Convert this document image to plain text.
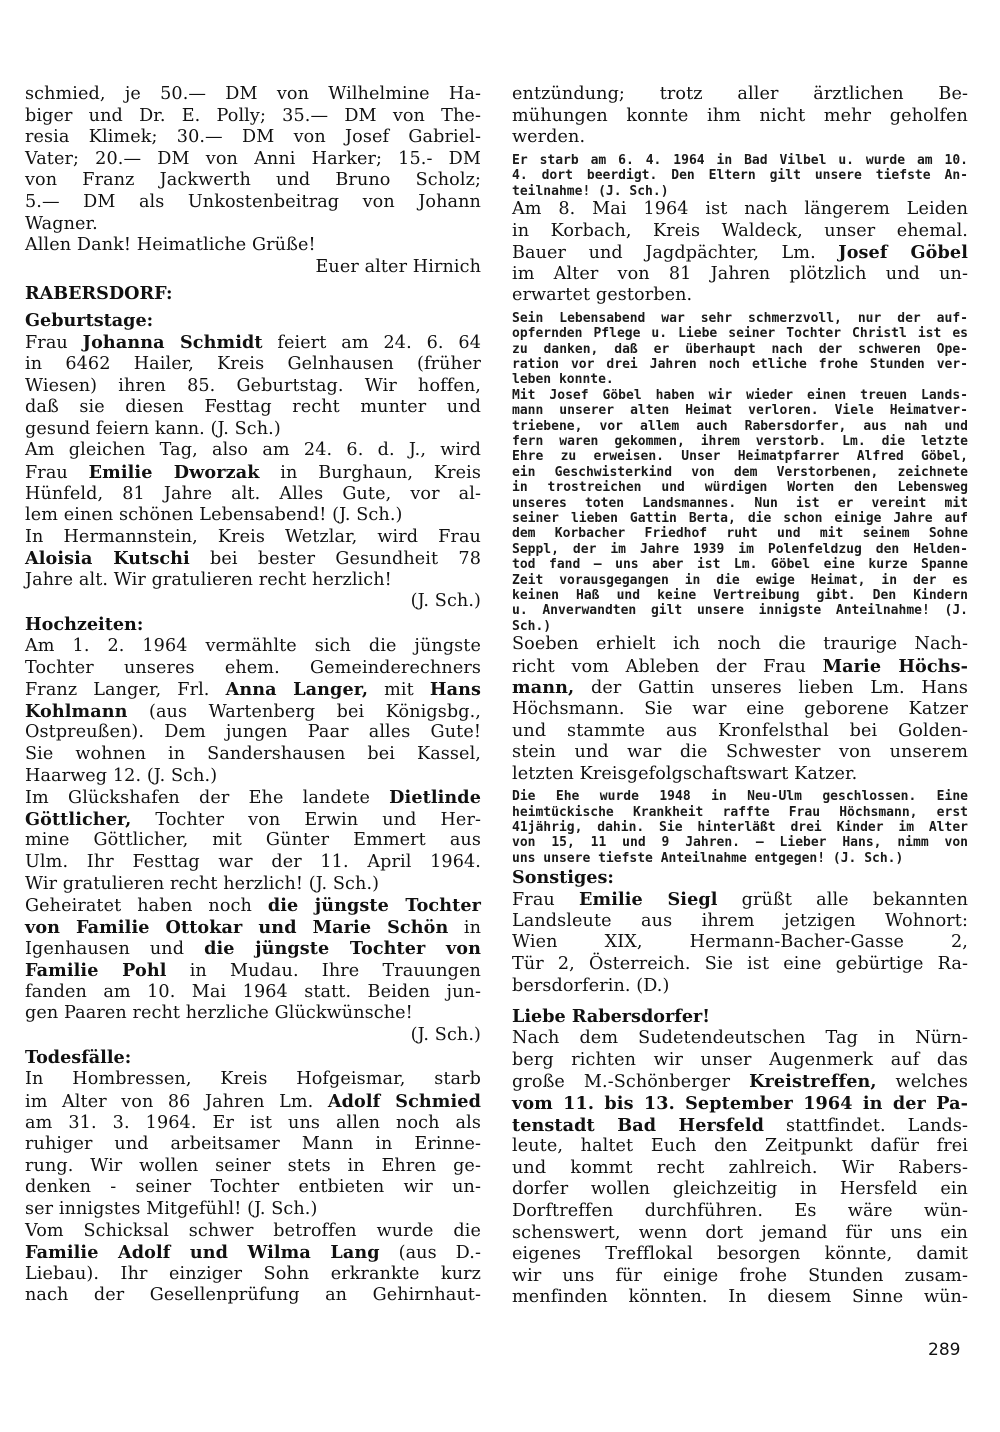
schmied, je 50.— DM von Wilhelmine Ha-
biger und Dr. E. Polly; 35.— DM von The-
resia Klimek; 30.— DM von Josef Gabriel-
Vater; 20.— DM von Anni Harker; 15.- DM
von Franz Jackwerth und Bruno Scholz;
5.— DM als Unkostenbeitrag von Johann
Wagner.
Allen Dank! Heimatliche Grüße!
Euer alter Hirnich
RABERSDORF:
Geburtstage:
Frau Johanna Schmidt feiert am 24. 6. 64
in 6462 Hailer, Kreis Gelnhausen (früher
Wiesen) ihren 85. Geburtstag. Wir hoffen,
daß sie diesen Festtag recht munter und
gesund feiern kann. (J. Sch.)
Am gleichen Tag, also am 24. 6. d. J., wird
Frau Emilie Dworzak in Burghaun, Kreis
Hünfeld, 81 Jahre alt. Alles Gute, vor al-
lem einen schönen Lebensabend! (J. Sch.)
In Hermannstein, Kreis Wetzlar, wird Frau
Aloisia Kutschi bei bester Gesundheit 78
Jahre alt. Wir gratulieren recht herzlich!
(J. Sch.)
Hochzeiten:
Am 1. 2. 1964 vermählte sich die jüngste
Tochter unseres ehem. Gemeinderechners
Franz Langer, Frl. Anna Langer, mit Hans
Kohlmann (aus Wartenberg bei Königsbg.,
Ostpreußen). Dem jungen Paar alles Gute!
Sie wohnen in Sandershausen bei Kassel,
Haarweg 12. (J. Sch.)
Im Glückshafen der Ehe landete Dietlinde
Göttlicher, Tochter von Erwin und Her-
mine Göttlicher, mit Günter Emmert aus
Ulm. Ihr Festtag war der 11. April 1964.
Wir gratulieren recht herzlich! (J. Sch.)
Geheiratet haben noch die jüngste Tochter
von Familie Ottokar und Marie Schön in
Igenhausen und die jüngste Tochter von
Familie Pohl in Mudau. Ihre Trauungen
fanden am 10. Mai 1964 statt. Beiden jun-
gen Paaren recht herzliche Glückwünsche!
(J. Sch.)
Todesfälle:
In Hombressen, Kreis Hofgeismar, starb
im Alter von 86 Jahren Lm. Adolf Schmied
am 31. 3. 1964. Er ist uns allen noch als
ruhiger und arbeitsamer Mann in Erinne-
rung. Wir wollen seiner stets in Ehren ge-
denken - seiner Tochter entbieten wir un-
ser innigstes Mitgefühl! (J. Sch.)
Vom Schicksal schwer betroffen wurde die
Familie Adolf und Wilma Lang (aus D.-
Liebau). Ihr einziger Sohn erkrankte kurz
nach der Gesellenprüfung an Gehirnhaut-
entzündung; trotz aller ärztlichen Be-
mühungen konnte ihm nicht mehr geholfen
werden.
Er starb am 6. 4. 1964 in Bad Vilbel u. wurde am 10.
4. dort beerdigt. Den Eltern gilt unsere tiefste An-
teilnahme! (J. Sch.)
Am 8. Mai 1964 ist nach längerem Leiden
in Korbach, Kreis Waldeck, unser ehemal.
Bauer und Jagdpächter, Lm. Josef Göbel
im Alter von 81 Jahren plötzlich und un-
erwartet gestorben.
Sein Lebensabend war sehr schmerzvoll, nur der auf-
opfernden Pflege u. Liebe seiner Tochter Christl ist es
zu danken, daß er überhaupt nach der schweren Ope-
ration vor drei Jahren noch etliche frohe Stunden ver-
leben konnte.
Mit Josef Göbel haben wir wieder einen treuen Lands-
mann unserer alten Heimat verloren. Viele Heimatver-
triebene, vor allem auch Rabersdorfer, aus nah und
fern waren gekommen, ihrem verstorb. Lm. die letzte
Ehre zu erweisen. Unser Heimatpfarrer Alfred Göbel,
ein Geschwisterkind von dem Verstorbenen, zeichnete
in trostreichen und würdigen Worten den Lebensweg
unseres toten Landsmannes. Nun ist er vereint mit
seiner lieben Gattin Berta, die schon einige Jahre auf
dem Korbacher Friedhof ruht und mit seinem Sohne
Seppl, der im Jahre 1939 im Polenfeldzug den Helden-
tod fand — uns aber ist Lm. Göbel eine kurze Spanne
Zeit vorausgegangen in die ewige Heimat, in der es
keinen Haß und keine Vertreibung gibt. Den Kindern
u. Anverwandten gilt unsere innigste Anteilnahme! (J.
Sch.)
Soeben erhielt ich noch die traurige Nach-
richt vom Ableben der Frau Marie Höchs-
mann, der Gattin unseres lieben Lm. Hans
Höchsmann. Sie war eine geborene Katzer
und stammte aus Kronfelsthal bei Golden-
stein und war die Schwester von unserem
letzten Kreisgefolgschaftswart Katzer.
Die Ehe wurde 1948 in Neu-Ulm geschlossen. Eine
heimtückische Krankheit raffte Frau Höchsmann, erst
41jährig, dahin. Sie hinterläßt drei Kinder im Alter
von 15, 11 und 9 Jahren. — Lieber Hans, nimm von
uns unsere tiefste Anteilnahme entgegen! (J. Sch.)
Sonstiges:
Frau Emilie Siegl grüßt alle bekannten
Landsleute aus ihrem jetzigen Wohnort:
Wien XIX, Hermann-Bacher-Gasse 2,
Tür 2, Österreich. Sie ist eine gebürtige Ra-
bersdorferin. (D.)
Liebe Rabersdorfer!
Nach dem Sudetendeutschen Tag in Nürn-
berg richten wir unser Augenmerk auf das
große M.-Schönberger Kreistreffen, welches
vom 11. bis 13. September 1964 in der Pa-
tenstadt Bad Hersfeld stattfindet. Lands-
leute, haltet Euch den Zeitpunkt dafür frei
und kommt recht zahlreich. Wir Rabers-
dorfer wollen gleichzeitig in Hersfeld ein
Dorftreffen durchführen. Es wäre wün-
schenswert, wenn dort jemand für uns ein
eigenes Trefflokal besorgen könnte, damit
wir uns für einige frohe Stunden zusam-
menfinden könnten. In diesem Sinne wün-
289
